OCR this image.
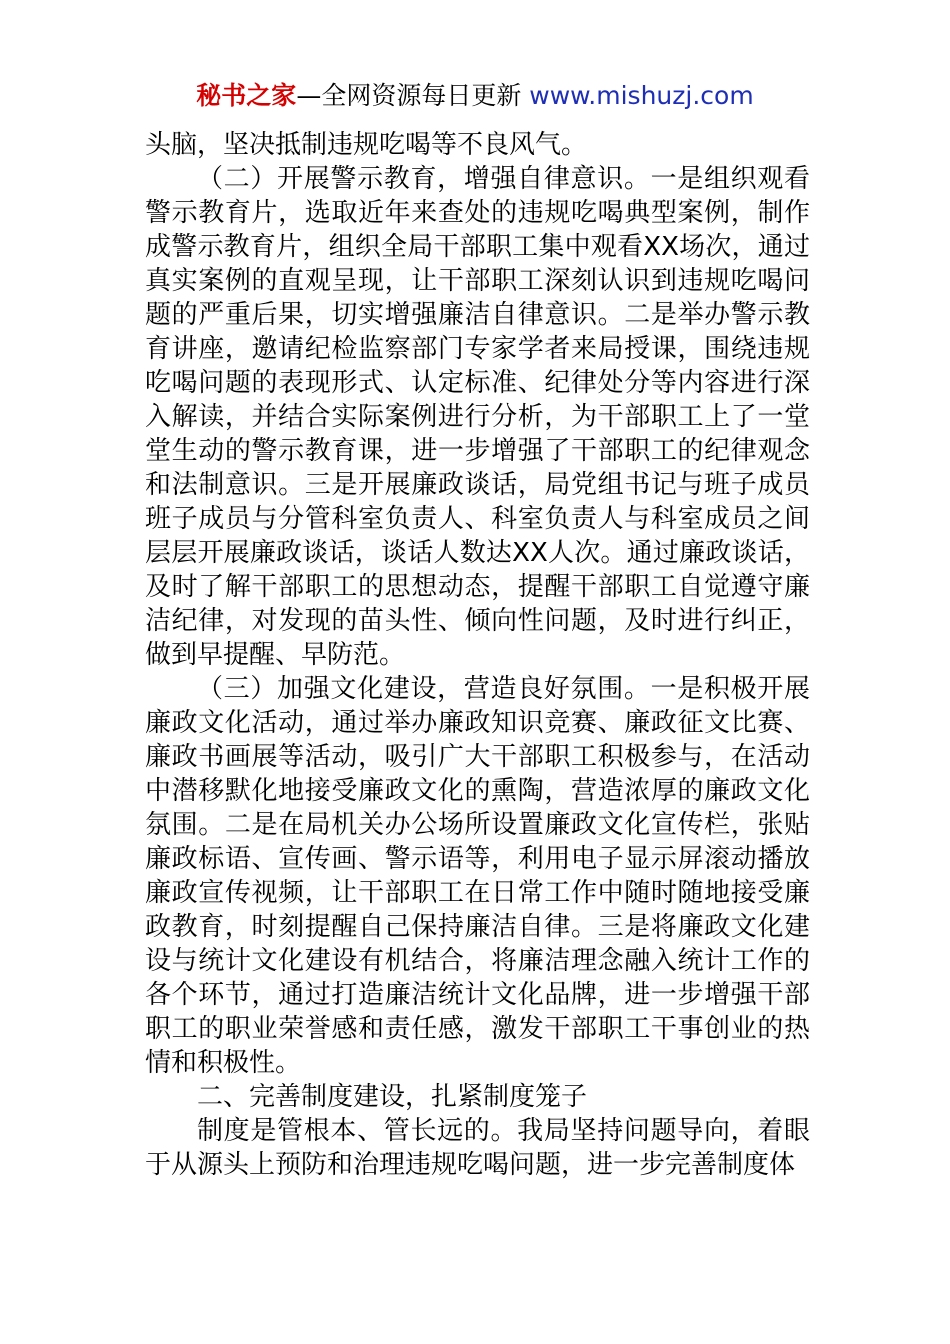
秘书之家—全网资源每日更新 www.mishuzj.com

头脑，坚决抵制违规吃喝等不良风气。

（二）开展警示教育，增强自律意识。一是组织观看警示教育片，选取近年来查处的违规吃喝典型案例，制作成警示教育片，组织全局干部职工集中观看XX场次，通过真实案例的直观呈现，让干部职工深刻认识到违规吃喝问题的严重后果，切实增强廉洁自律意识。二是举办警示教育讲座，邀请纪检监察部门专家学者来局授课，围绕违规吃喝问题的表现形式、认定标准、纪律处分等内容进行深入解读，并结合实际案例进行分析，为干部职工上了一堂堂生动的警示教育课，进一步增强了干部职工的纪律观念和法制意识。三是开展廉政谈话，局党组书记与班子成员班子成员与分管科室负责人、科室负责人与科室成员之间层层开展廉政谈话，谈话人数达XX人次。通过廉政谈话，及时了解干部职工的思想动态，提醒干部职工自觉遵守廉洁纪律，对发现的苗头性、倾向性问题，及时进行纠正，做到早提醒、早防范。

（三）加强文化建设，营造良好氛围。一是积极开展廉政文化活动，通过举办廉政知识竞赛、廉政征文比赛、廉政书画展等活动，吸引广大干部职工积极参与，在活动中潜移默化地接受廉政文化的熏陶，营造浓厚的廉政文化氛围。二是在局机关办公场所设置廉政文化宣传栏，张贴廉政标语、宣传画、警示语等，利用电子显示屏滚动播放廉政宣传视频，让干部职工在日常工作中随时随地接受廉政教育，时刻提醒自己保持廉洁自律。三是将廉政文化建设与统计文化建设有机结合，将廉洁理念融入统计工作的各个环节，通过打造廉洁统计文化品牌，进一步增强干部职工的职业荣誉感和责任感，激发干部职工干事创业的热情和积极性。

二、完善制度建设，扎紧制度笼子

制度是管根本、管长远的。我局坚持问题导向，着眼于从源头上预防和治理违规吃喝问题，进一步完善制度体
